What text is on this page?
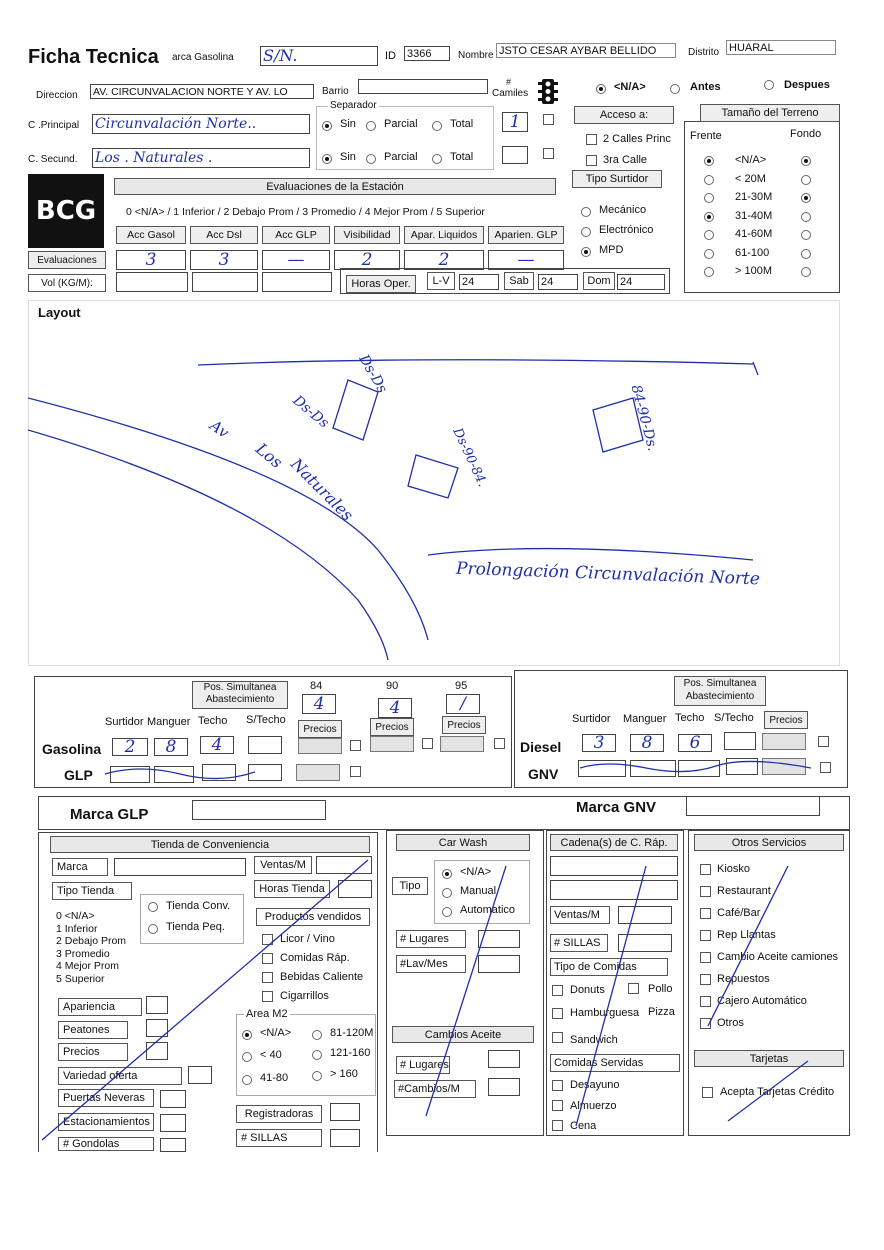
Ficha Tecnica arca Gasolina S/N.	ID 3366	Nombre JSTO CESAR AYBAR BELLIDO	Distrito HUARAL
Direccion AV. CIRCUNVALACION NORTE Y AV. LO	Barrio
#
Camiles
<N/A>	Antes	Despues
Separador
C .Principal Circunvalación Norte..	Sin	Parcial	Total	1
C. Secund. Los . Naturales .	Sin	Parcial	Total
Acceso a:
2 Calles Princ
3ra Calle
Tipo Surtidor
Mecánico
Electrónico
MPD
Tamaño del Terreno
Frente	Fondo
<N/A>
< 20M
21-30M
31-40M
41-60M
61-100
> 100M
BCG
Evaluaciones de la Estación
0 <N/A> / 1 Inferior / 2 Debajo Prom / 3 Promedio / 4 Mejor Prom / 5 Superior
Acc Gasol
3
Acc Dsl
3
Acc GLP
—
Visibilidad
2
Apar. Liquidos
2
Aparien. GLP
—
Evaluaciones
Vol (KG/M):	Horas Oper.	L-V	24	Sab	24	Dom 24
Layout
Av
Los Naturales
Ds-Ds
Ds-Ds
Ds-90-84.
84-90-Ds.
Prolongación Circunvalación Norte
Pos. Simultanea Abastecimiento
84	90	95
4	4	/
Precios	Precios	Precios
Surtidor Manguer Techo S/Techo
Gasolina	2	8	4
GLP
Pos. Simultanea Abastecimiento
Surtidor Manguer Techo S/Techo	Precios
Diesel	3	8	6
GNV
Marca GLP	Marca GNV
Tienda de Conveniencia
Marca	Ventas/M
Tipo Tienda	Horas Tienda
Tienda Conv.
Tienda Peq.
0 <N/A>
1 Inferior
2 Debajo Prom
3 Promedio
4 Mejor Prom
5 Superior
Productos vendidos
Licor / Vino
Comidas Ráp.
Bebidas Caliente
Cigarrillos
Apariencia
Peatones
Precios
Variedad oferta
Puertas Neveras
Estacionamientos
# Gondolas
Area M2
<N/A>	81-120M
< 40	121-160
41-80	> 160
Registradoras
# SILLAS
Car Wash
Tipo
<N/A>
Manual
Automatico
# Lugares
#Lav/Mes
Cambios Aceite
# Lugares
#Cambios/M
Cadena(s) de C. Ráp.
Ventas/M
# SILLAS
Tipo de Comidas
Donuts	Pollo
Hamburguesa Pizza
Sandwich
Comidas Servidas
Desayuno
Almuerzo
Cena
Otros Servicios
Kiosko
Restaurant
Café/Bar
Rep Llantas
Cambio Aceite camiones
Repuestos
Cajero Automático
Otros
Tarjetas
Acepta Tarjetas Crédito
